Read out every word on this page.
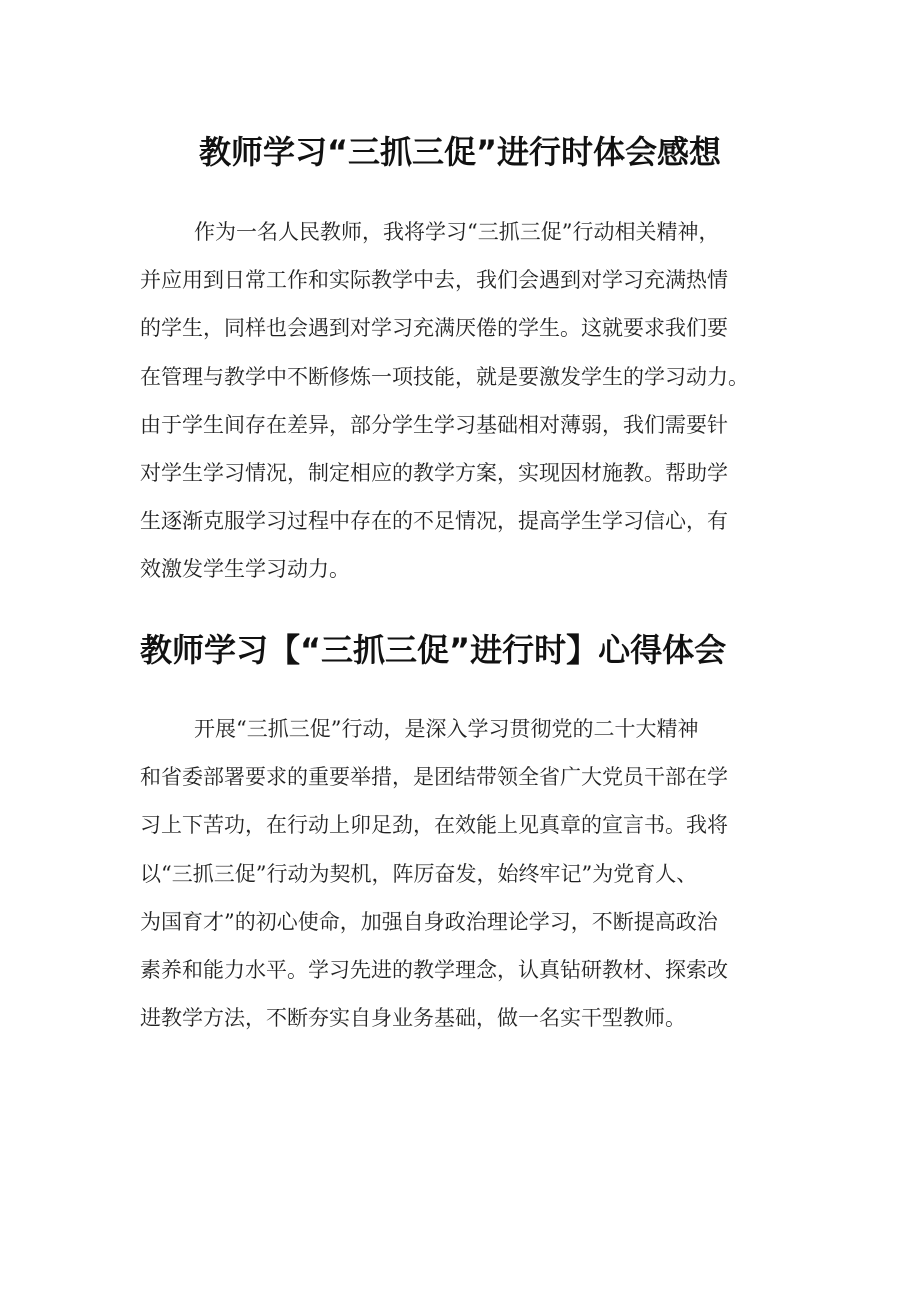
教师学习“三抓三促”进行时体会感想
作为一名人民教师，我将学习“三抓三促”行动相关精神，
并应用到日常工作和实际教学中去，我们会遇到对学习充满热情
的学生，同样也会遇到对学习充满厌倦的学生。这就要求我们要
在管理与教学中不断修炼一项技能，就是要激发学生的学习动力。
由于学生间存在差异，部分学生学习基础相对薄弱，我们需要针
对学生学习情况，制定相应的教学方案，实现因材施教。帮助学
生逐渐克服学习过程中存在的不足情况，提高学生学习信心，有
效激发学生学习动力。
教师学习【“三抓三促”进行时】心得体会
开展“三抓三促”行动，是深入学习贯彻党的二十大精神
和省委部署要求的重要举措，是团结带领全省广大党员干部在学
习上下苦功，在行动上卯足劲，在效能上见真章的宣言书。我将
以“三抓三促”行动为契机，阵厉奋发，始终牢记”为党育人、
为国育才”的初心使命，加强自身政治理论学习，不断提高政治
素养和能力水平。学习先进的教学理念，认真钻研教材、探索改
进教学方法，不断夯实自身业务基础，做一名实干型教师。
